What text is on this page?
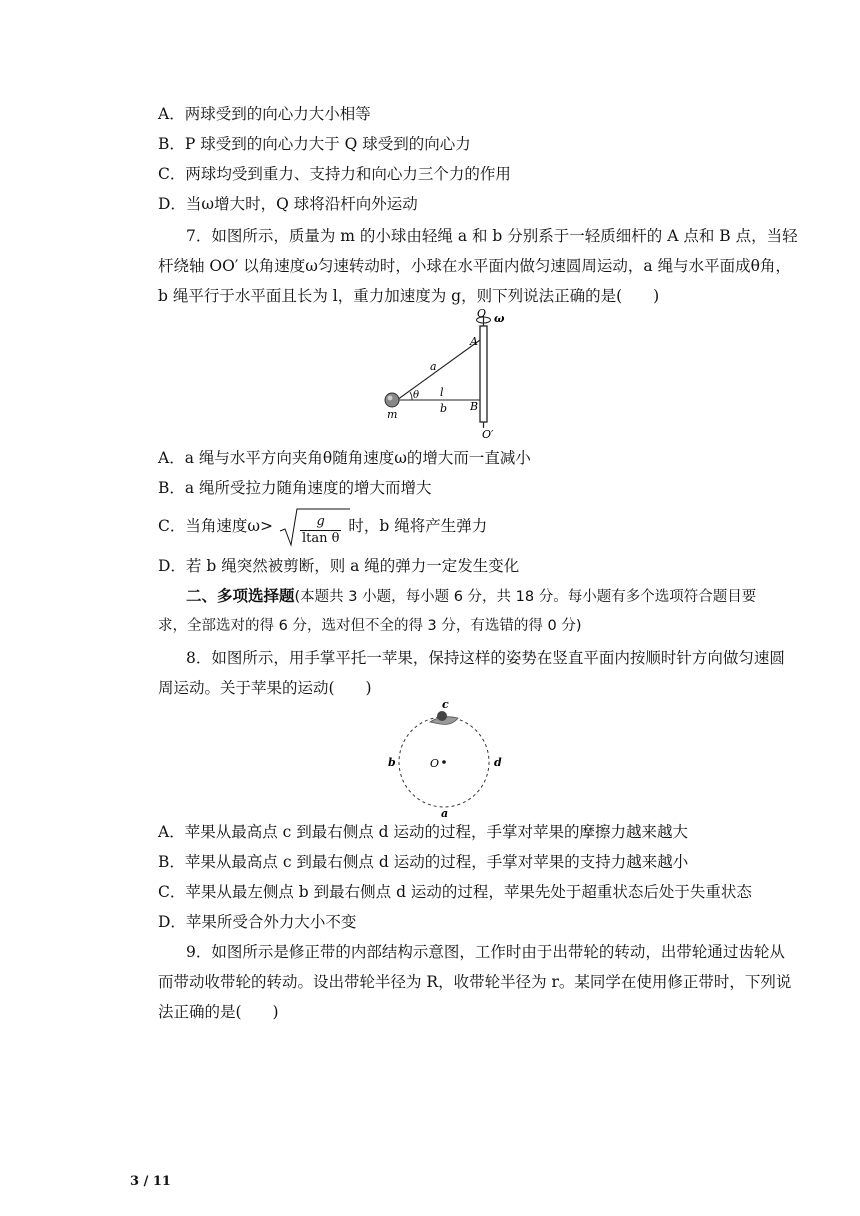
A．两球受到的向心力大小相等
B．P 球受到的向心力大于 Q 球受到的向心力
C．两球均受到重力、支持力和向心力三个力的作用
D．当ω增大时，Q 球将沿杆向外运动
7．如图所示，质量为 m 的小球由轻绳 a 和 b 分别系于一轻质细杆的 A 点和 B 点，当轻
杆绕轴 OO′ 以角速度ω匀速转动时，小球在水平面内做匀速圆周运动，a 绳与水平面成θ角，
b 绳平行于水平面且长为 l，重力加速度为 g，则下列说法正确的是(　　)
O ω
A
a
l
θ
m	b B
O′
A．a 绳与水平方向夹角θ随角速度ω的增大而一直减小
B．a 绳所受拉力随角速度的增大而增大
C．当角速度$\omega> \frac{g}{\text{ltan θ}}$ 时，b 绳将产生弹力
D．若 b 绳突然被剪断，则 a 绳的弹力一定发生变化
二、多项选择题(本题共 3 小题，每小题 6 分，共 18 分。每小题有多个选项符合题目要
求，全部选对的得 6 分，选对但不全的得 3 分，有选错的得 0 分)
8．如图所示，用手掌平托一苹果，保持这样的姿势在竖直平面内按顺时针方向做匀速圆
周运动。关于苹果的运动(　　)
c
b	O	d
a
A．苹果从最高点 c 到最右侧点 d 运动的过程，手掌对苹果的摩擦力越来越大
B．苹果从最高点 c 到最右侧点 d 运动的过程，手掌对苹果的支持力越来越小
C．苹果从最左侧点 b 到最右侧点 d 运动的过程，苹果先处于超重状态后处于失重状态
D．苹果所受合外力大小不变
9．如图所示是修正带的内部结构示意图，工作时由于出带轮的转动，出带轮通过齿轮从
而带动收带轮的转动。设出带轮半径为 R，收带轮半径为 r。某同学在使用修正带时，下列说
法正确的是(　　)
3 / 11
